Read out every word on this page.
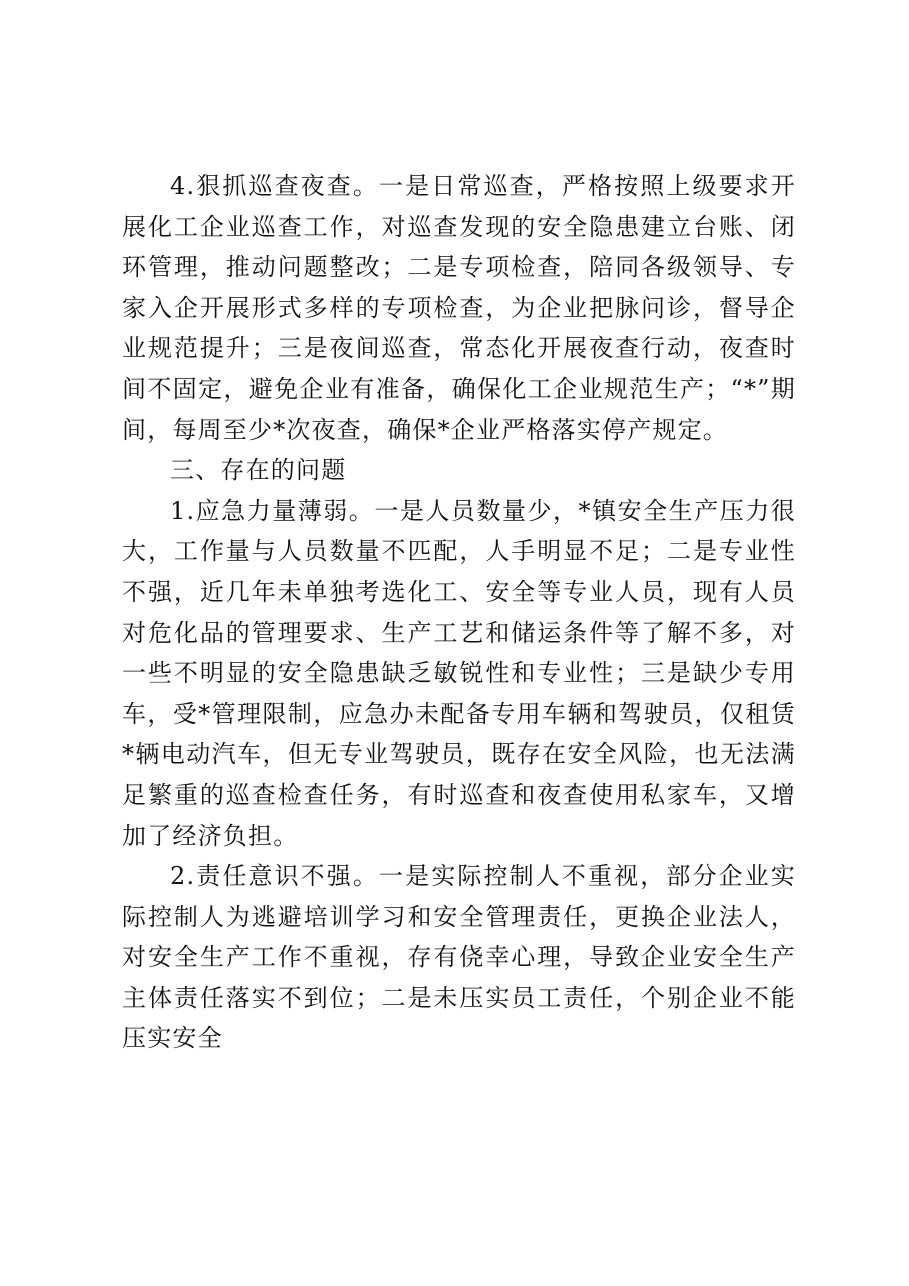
4.狠抓巡查夜查。一是日常巡查，严格按照上级要求开展化工企业巡查工作，对巡查发现的安全隐患建立台账、闭环管理，推动问题整改；二是专项检查，陪同各级领导、专家入企开展形式多样的专项检查，为企业把脉问诊，督导企业规范提升；三是夜间巡查，常态化开展夜查行动，夜查时间不固定，避免企业有准备，确保化工企业规范生产；“*”期间，每周至少*次夜查，确保*企业严格落实停产规定。

三、存在的问题

1.应急力量薄弱。一是人员数量少，*镇安全生产压力很大，工作量与人员数量不匹配，人手明显不足；二是专业性不强，近几年未单独考选化工、安全等专业人员，现有人员对危化品的管理要求、生产工艺和储运条件等了解不多，对一些不明显的安全隐患缺乏敏锐性和专业性；三是缺少专用车，受*管理限制，应急办未配备专用车辆和驾驶员，仅租赁*辆电动汽车，但无专业驾驶员，既存在安全风险，也无法满足繁重的巡查检查任务，有时巡查和夜查使用私家车，又增加了经济负担。

2.责任意识不强。一是实际控制人不重视，部分企业实际控制人为逃避培训学习和安全管理责任，更换企业法人，对安全生产工作不重视，存有侥幸心理，导致企业安全生产主体责任落实不到位；二是未压实员工责任，个别企业不能压实安全
